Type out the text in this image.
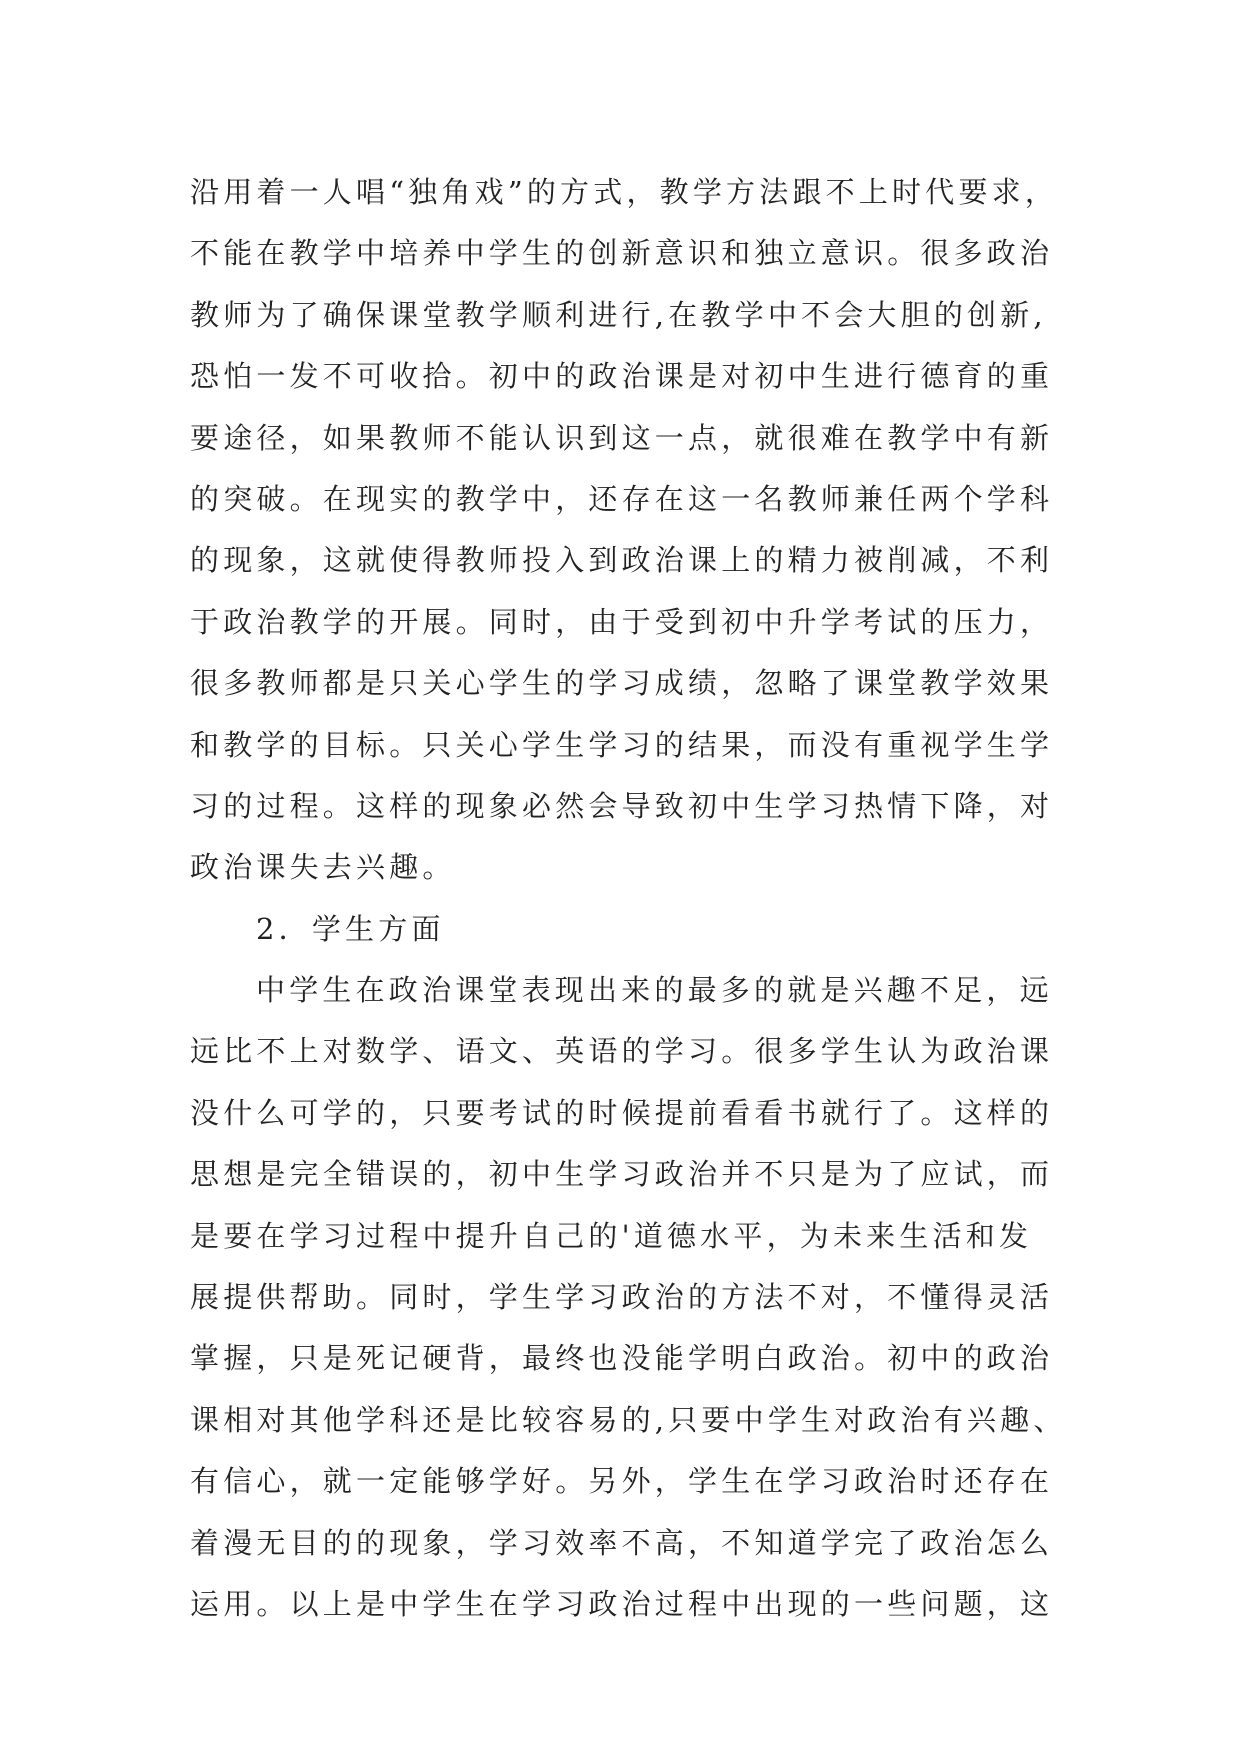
沿用着一人唱“独角戏”的方式，教学方法跟不上时代要求，
不能在教学中培养中学生的创新意识和独立意识。很多政治
教师为了确保课堂教学顺利进行,在教学中不会大胆的创新,
恐怕一发不可收拾。初中的政治课是对初中生进行德育的重
要途径，如果教师不能认识到这一点，就很难在教学中有新
的突破。在现实的教学中，还存在这一名教师兼任两个学科
的现象，这就使得教师投入到政治课上的精力被削减，不利
于政治教学的开展。同时，由于受到初中升学考试的压力，
很多教师都是只关心学生的学习成绩，忽略了课堂教学效果
和教学的目标。只关心学生学习的结果，而没有重视学生学
习的过程。这样的现象必然会导致初中生学习热情下降，对
政治课失去兴趣。
2．学生方面
中学生在政治课堂表现出来的最多的就是兴趣不足，远
远比不上对数学、语文、英语的学习。很多学生认为政治课
没什么可学的，只要考试的时候提前看看书就行了。这样的
思想是完全错误的，初中生学习政治并不只是为了应试，而
是要在学习过程中提升自己的'道德水平，为未来生活和发
展提供帮助。同时，学生学习政治的方法不对，不懂得灵活
掌握，只是死记硬背，最终也没能学明白政治。初中的政治
课相对其他学科还是比较容易的,只要中学生对政治有兴趣、
有信心，就一定能够学好。另外，学生在学习政治时还存在
着漫无目的的现象，学习效率不高，不知道学完了政治怎么
运用。以上是中学生在学习政治过程中出现的一些问题，这
